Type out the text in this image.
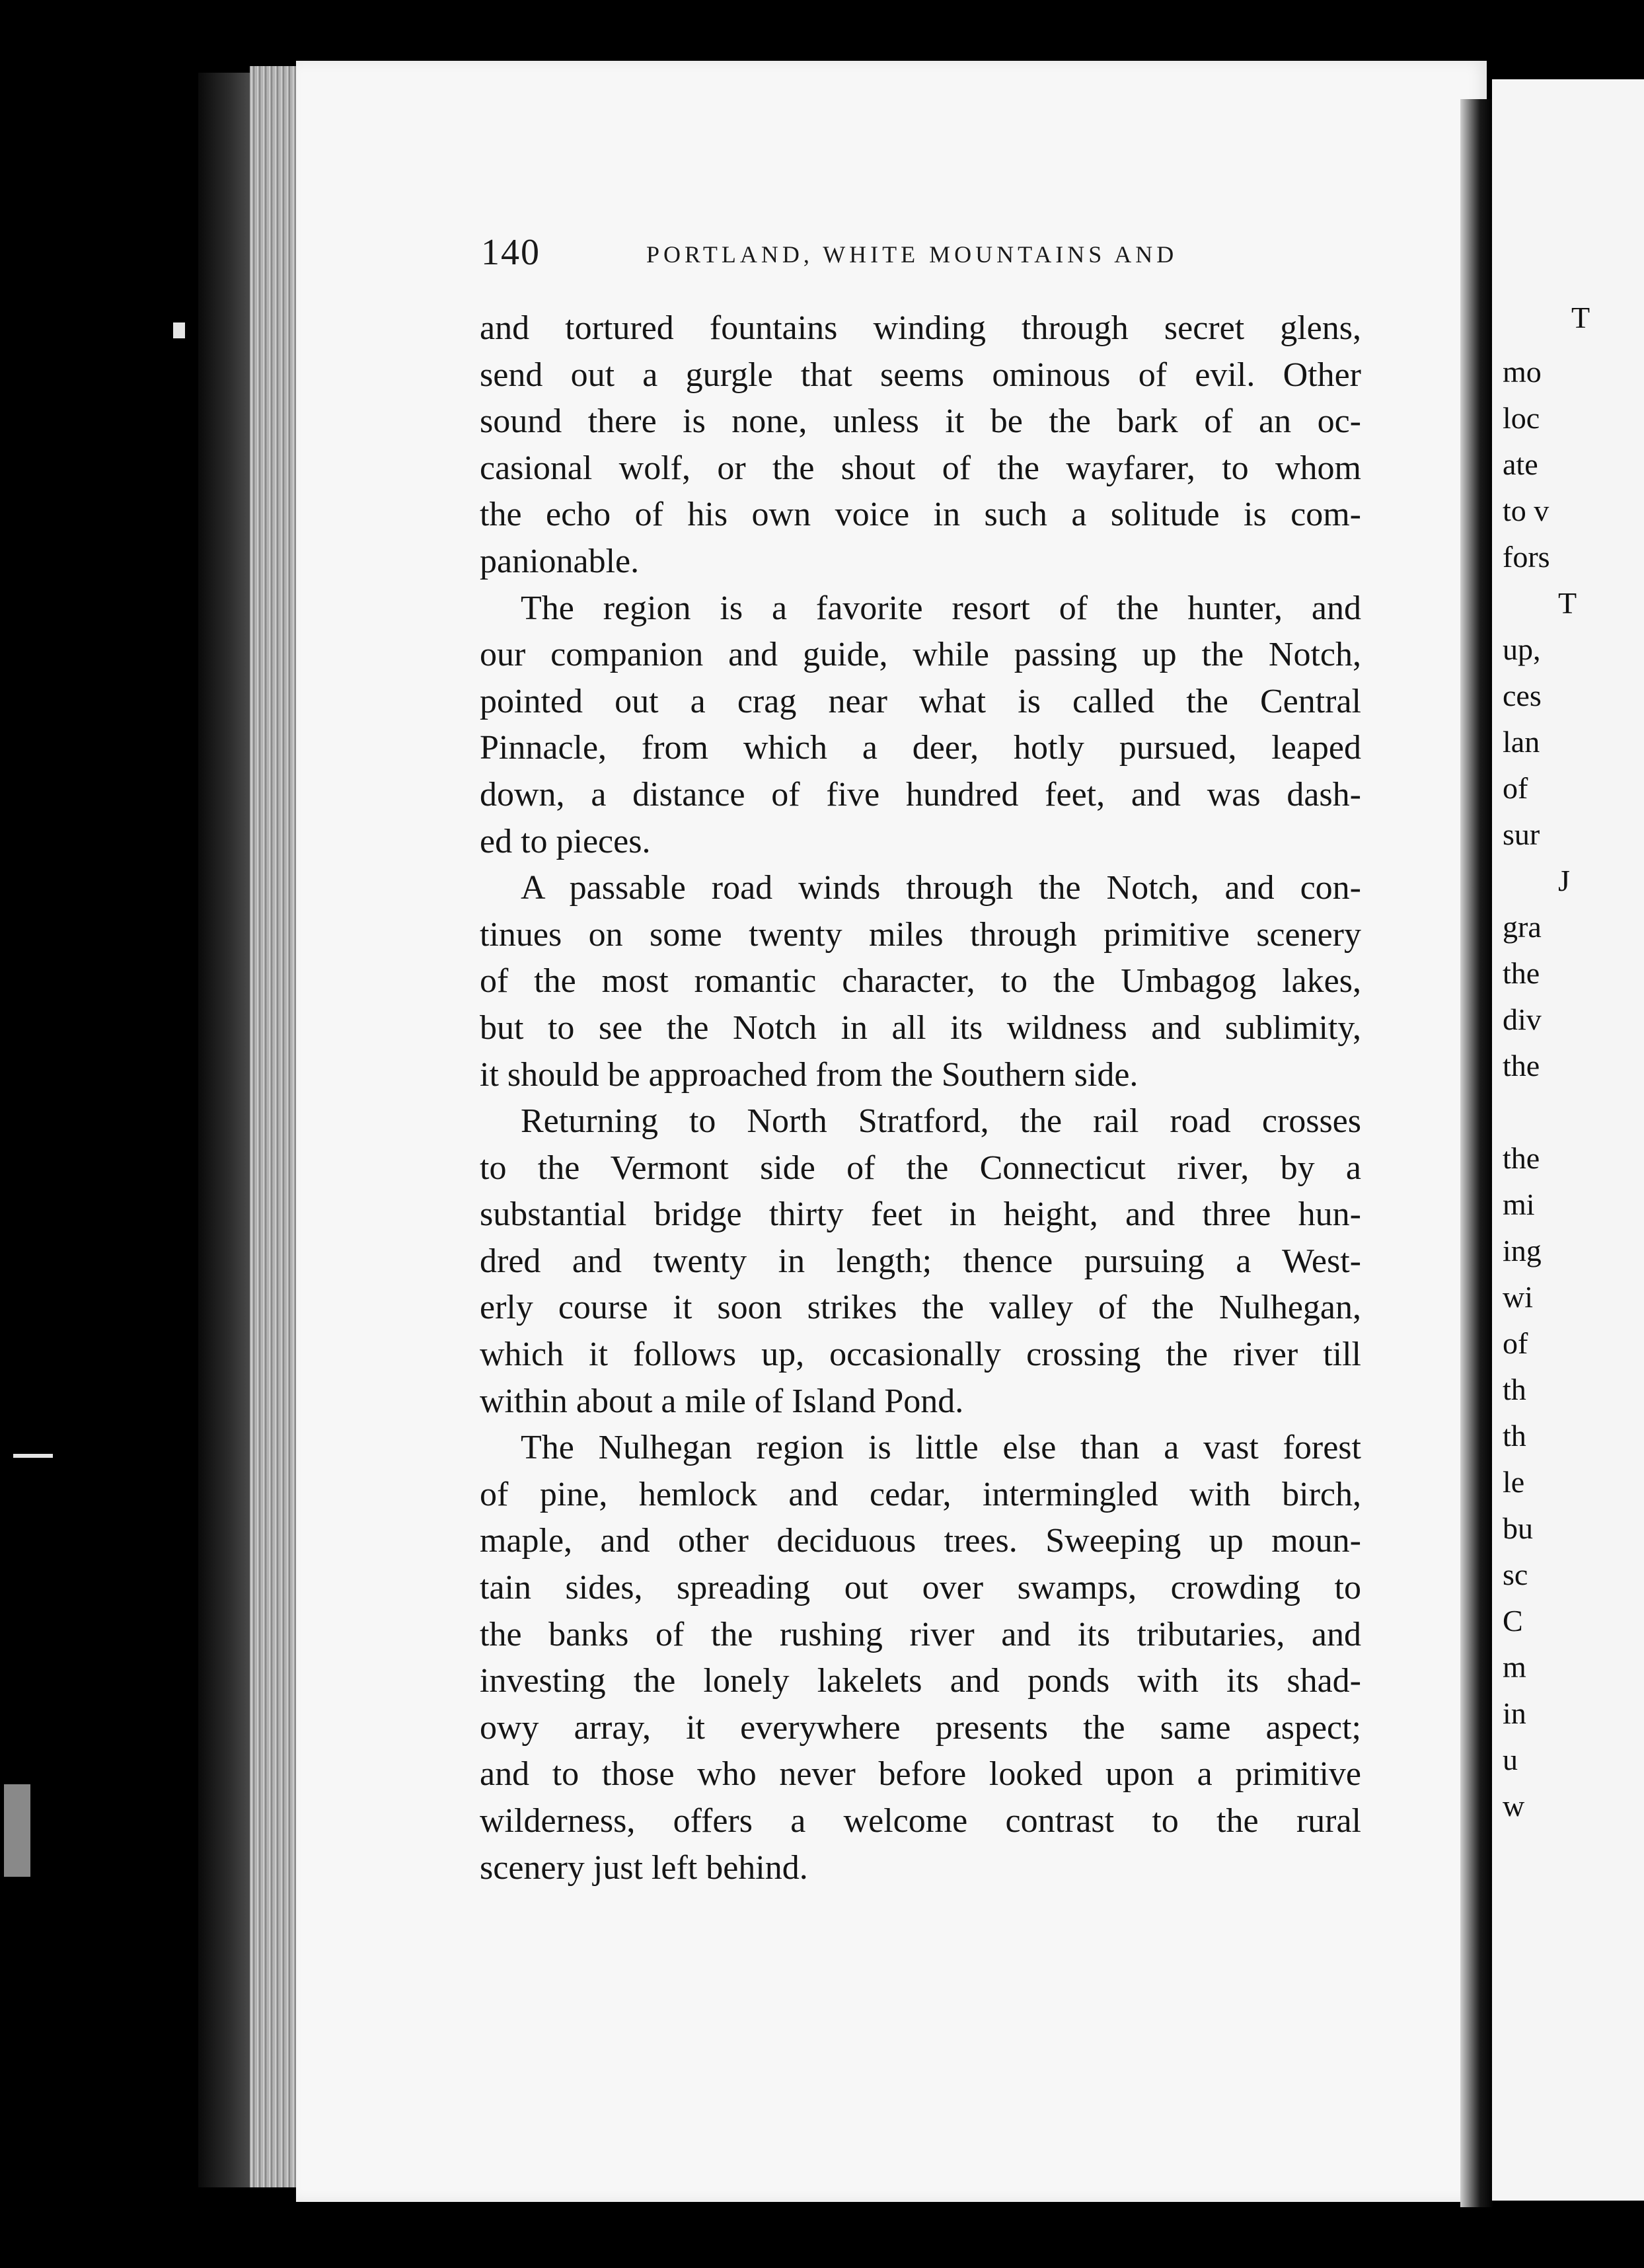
T
mo
loc
ate
to v
fors
T
up,
ces
lan
of
sur
J
gra
the
div
the
the
mi
ing
wi
of
th
th
le
bu
sc
C
m
in
u
w
140	PORTLAND, WHITE MOUNTAINS AND
and tortured fountains winding through secret glens,
send out a gurgle that seems ominous of evil. Other
sound there is none, unless it be the bark of an oc-
casional wolf, or the shout of the wayfarer, to whom
the echo of his own voice in such a solitude is com-
panionable.
The region is a favorite resort of the hunter, and
our companion and guide, while passing up the Notch,
pointed out a crag near what is called the Central
Pinnacle, from which a deer, hotly pursued, leaped
down, a distance of five hundred feet, and was dash-
ed to pieces.
A passable road winds through the Notch, and con-
tinues on some twenty miles through primitive scenery
of the most romantic character, to the Umbagog lakes,
but to see the Notch in all its wildness and sublimity,
it should be approached from the Southern side.
Returning to North Stratford, the rail road crosses
to the Vermont side of the Connecticut river, by a
substantial bridge thirty feet in height, and three hun-
dred and twenty in length; thence pursuing a West-
erly course it soon strikes the valley of the Nulhegan,
which it follows up, occasionally crossing the river till
within about a mile of Island Pond.
The Nulhegan region is little else than a vast forest
of pine, hemlock and cedar, intermingled with birch,
maple, and other deciduous trees. Sweeping up moun-
tain sides, spreading out over swamps, crowding to
the banks of the rushing river and its tributaries, and
investing the lonely lakelets and ponds with its shad-
owy array, it everywhere presents the same aspect;
and to those who never before looked upon a primitive
wilderness, offers a welcome contrast to the rural
scenery just left behind.
